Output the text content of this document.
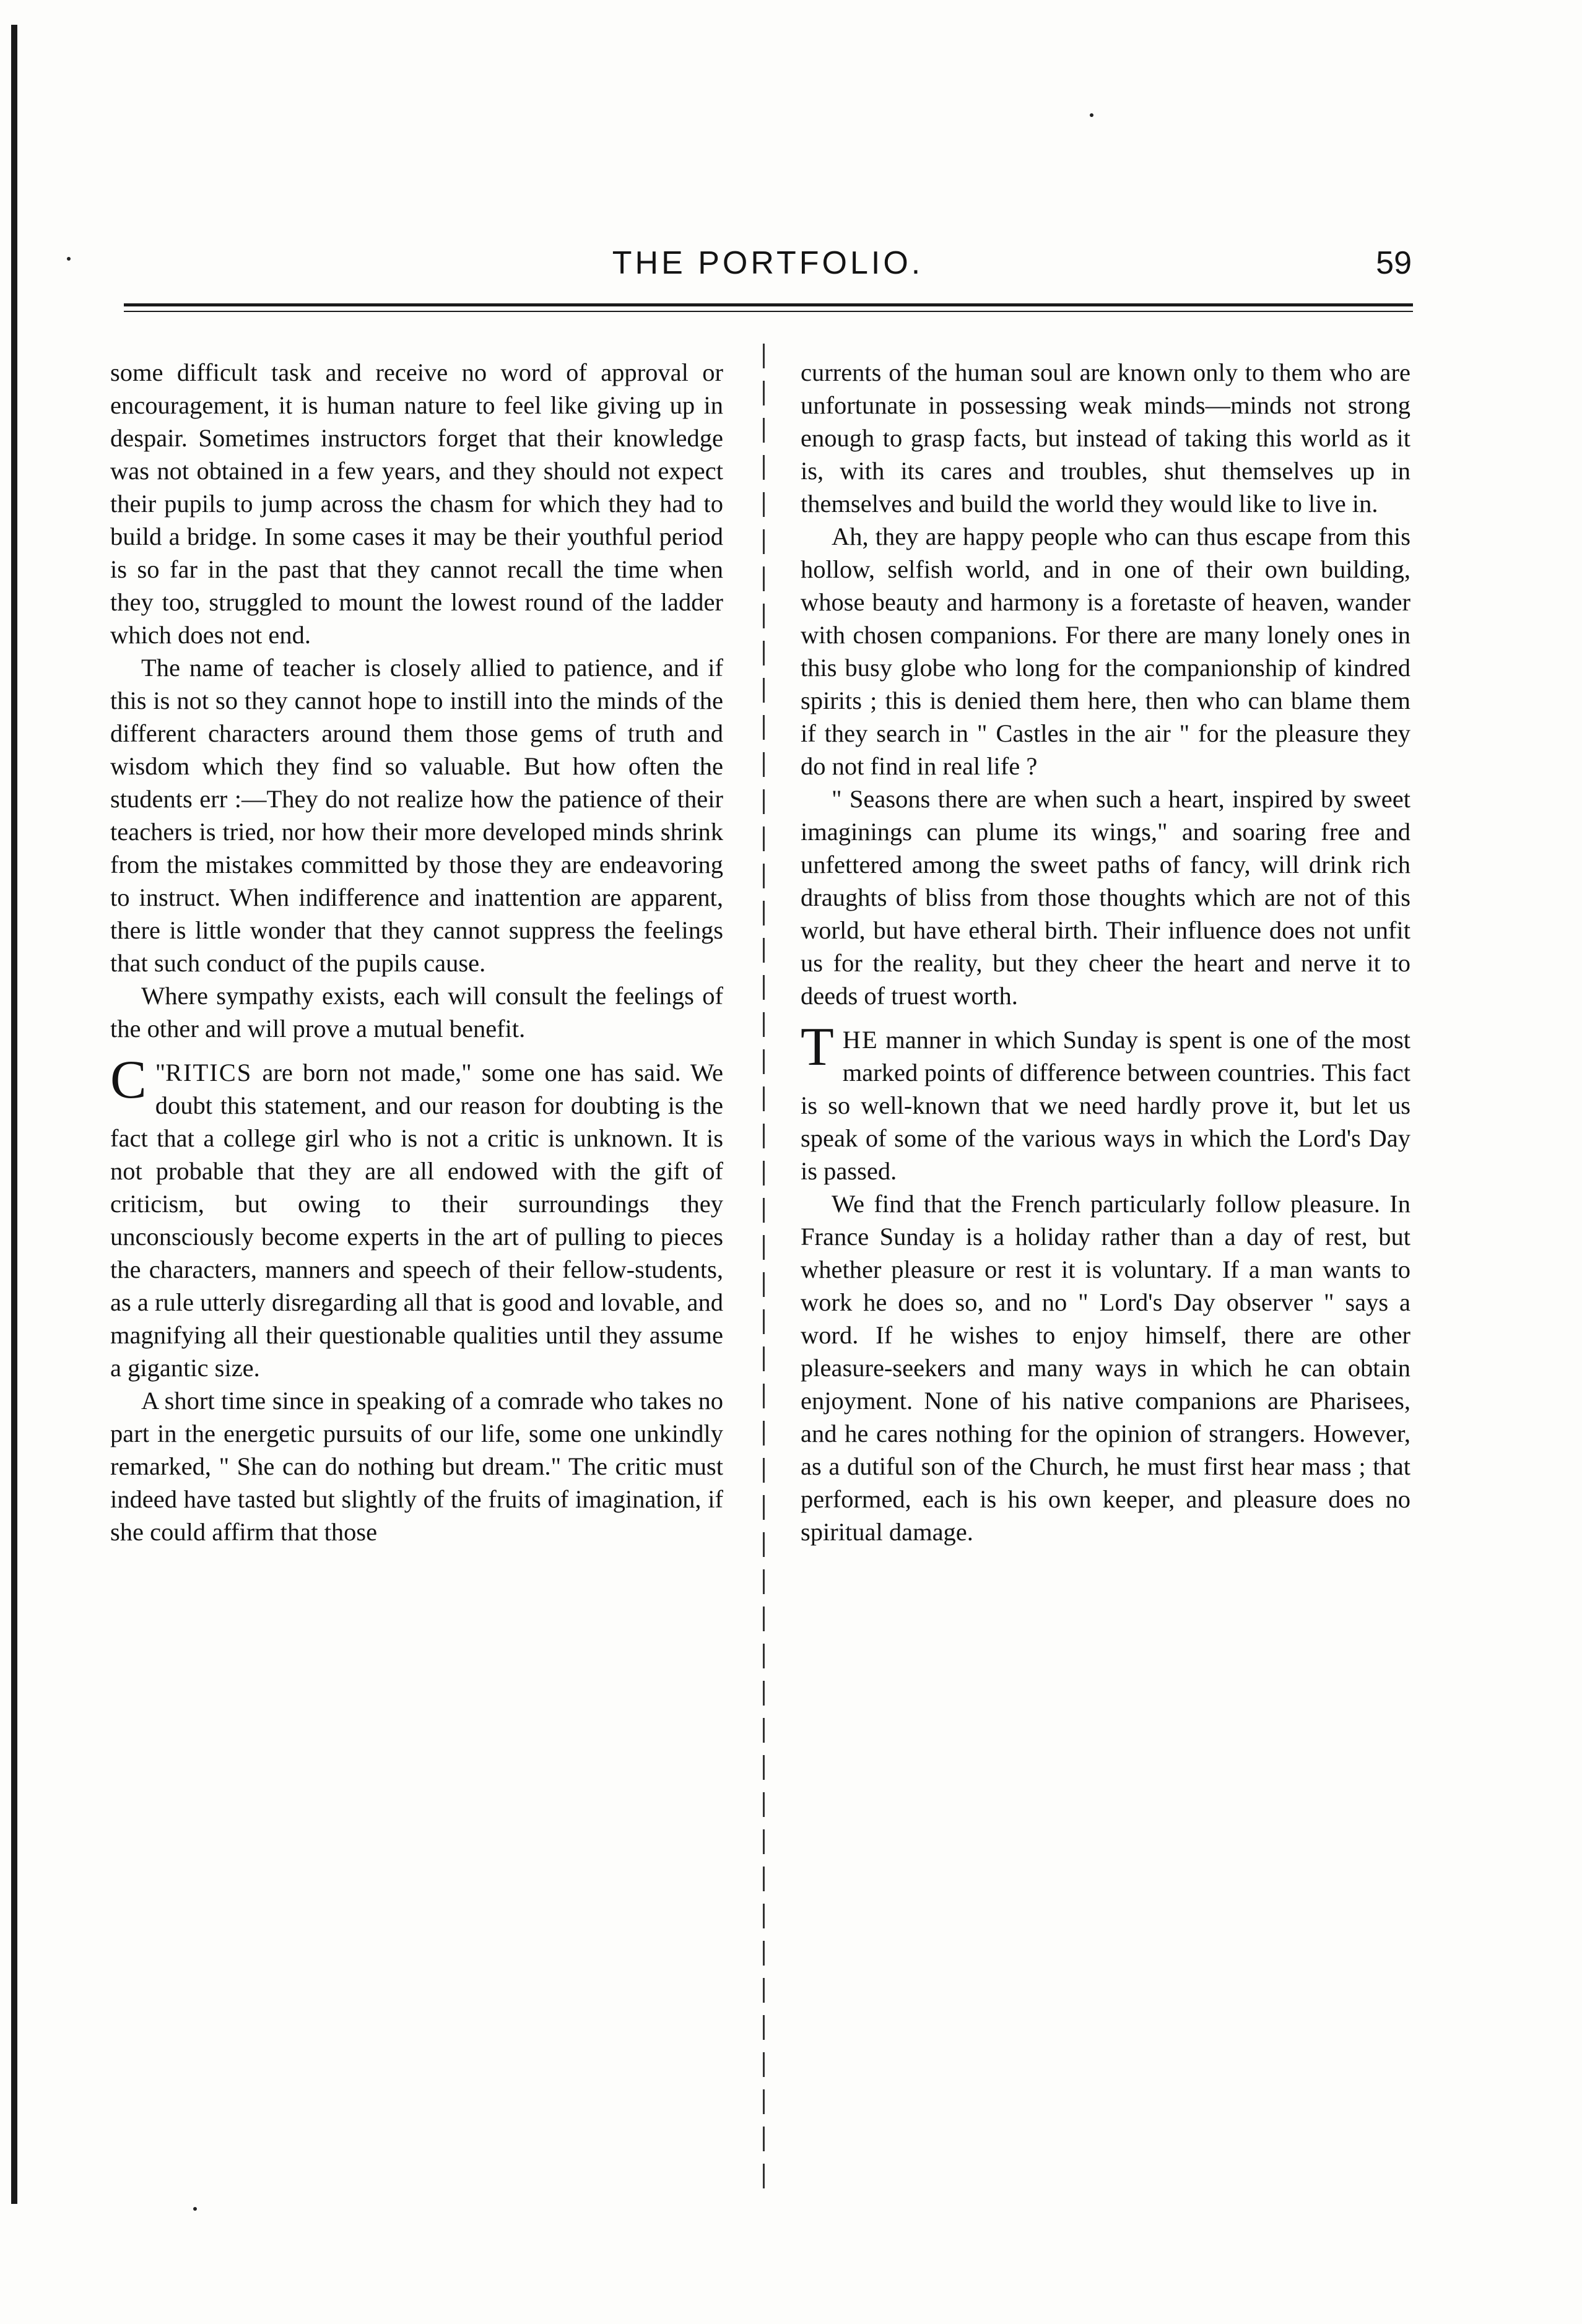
THE PORTFOLIO.	59

some difficult task and receive no word of approval or encouragement, it is human nature to feel like giving up in despair. Sometimes instructors forget that their knowledge was not obtained in a few years, and they should not expect their pupils to jump across the chasm for which they had to build a bridge. In some cases it may be their youthful period is so far in the past that they cannot recall the time when they too, struggled to mount the lowest round of the ladder which does not end.

The name of teacher is closely allied to patience, and if this is not so they cannot hope to instill into the minds of the different characters around them those gems of truth and wisdom which they find so valuable. But how often the students err :—They do not realize how the patience of their teachers is tried, nor how their more developed minds shrink from the mistakes committed by those they are endeavoring to instruct. When indifference and inattention are apparent, there is little wonder that they cannot suppress the feelings that such conduct of the pupils cause.

Where sympathy exists, each will consult the feelings of the other and will prove a mutual benefit.

"
C RITICS are born not made," some one has said. We doubt this statement, and our reason for doubting is the fact that a college girl who is not a critic is unknown. It is not probable that they are all endowed with the gift of criticism, but owing to their surroundings they unconsciously become experts in the art of pulling to pieces the characters, manners and speech of their fellow-students, as a rule utterly disregarding all that is good and lovable, and magnifying all their questionable qualities until they assume a gigantic size.

A short time since in speaking of a comrade who takes no part in the energetic pursuits of our life, some one unkindly remarked, " She can do nothing but dream." The critic must indeed have tasted but slightly of the fruits of imagination, if she could affirm that those

currents of the human soul are known only to them who are unfortunate in possessing weak minds—minds not strong enough to grasp facts, but instead of taking this world as it is, with its cares and troubles, shut themselves up in themselves and build the world they would like to live in.

Ah, they are happy people who can thus escape from this hollow, selfish world, and in one of their own building, whose beauty and harmony is a foretaste of heaven, wander with chosen companions. For there are many lonely ones in this busy globe who long for the companionship of kindred spirits ; this is denied them here, then who can blame them if they search in " Castles in the air " for the pleasure they do not find in real life ?

" Seasons there are when such a heart, inspired by sweet imaginings can plume its wings," and soaring free and unfettered among the sweet paths of fancy, will drink rich draughts of bliss from those thoughts which are not of this world, but have etheral birth. Their influence does not unfit us for the reality, but they cheer the heart and nerve it to deeds of truest worth.

THE manner in which Sunday is spent is one of the most marked points of difference between countries. This fact is so well-known that we need hardly prove it, but let us speak of some of the various ways in which the Lord's Day is passed.

We find that the French particularly follow pleasure. In France Sunday is a holiday rather than a day of rest, but whether pleasure or rest it is voluntary. If a man wants to work he does so, and no " Lord's Day observer " says a word. If he wishes to enjoy himself, there are other pleasure-seekers and many ways in which he can obtain enjoyment. None of his native companions are Pharisees, and he cares nothing for the opinion of strangers. However, as a dutiful son of the Church, he must first hear mass ; that performed, each is his own keeper, and pleasure does no spiritual damage.
